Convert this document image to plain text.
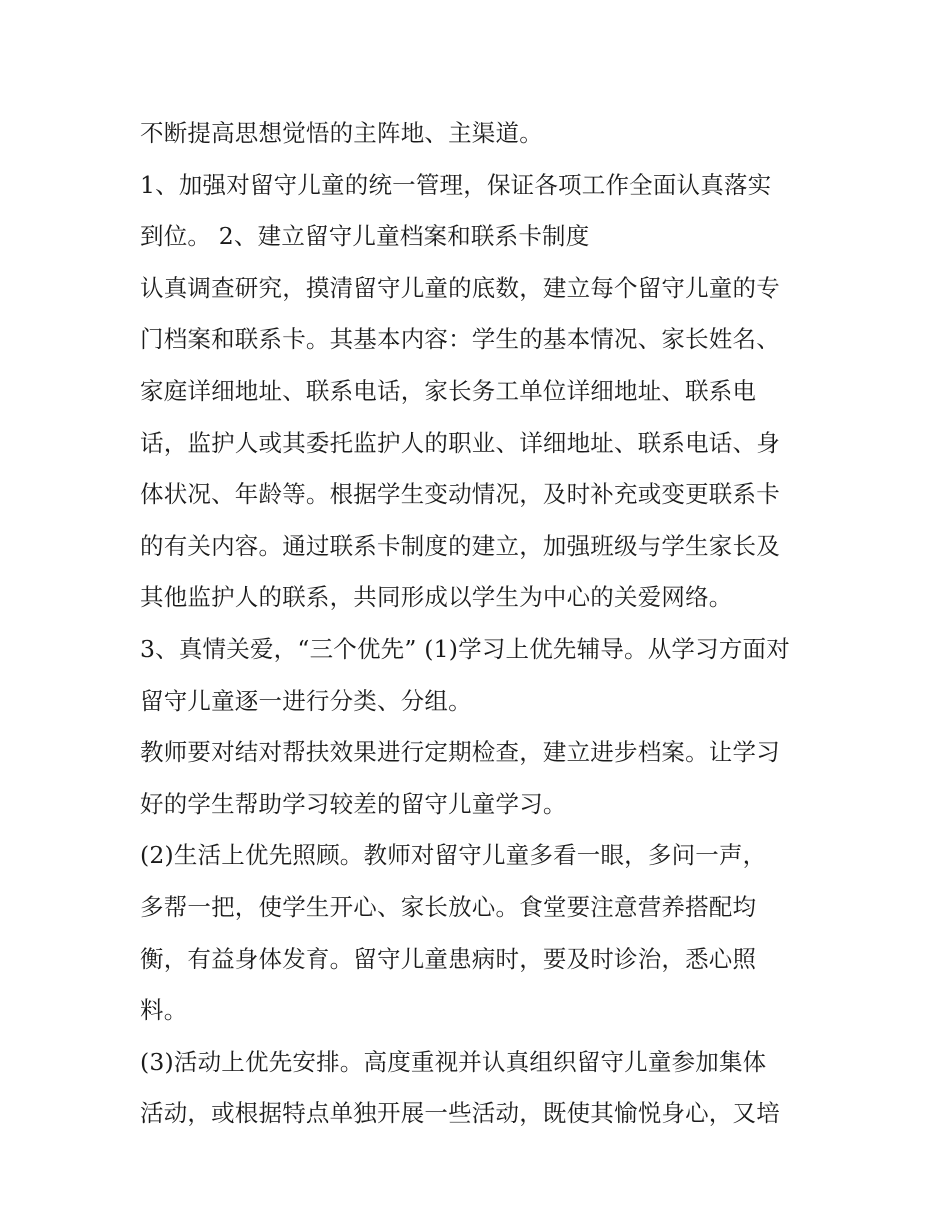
不断提高思想觉悟的主阵地、主渠道。
1、加强对留守儿童的统一管理，保证各项工作全面认真落实
到位。 2、建立留守儿童档案和联系卡制度
认真调查研究，摸清留守儿童的底数，建立每个留守儿童的专
门档案和联系卡。其基本内容：学生的基本情况、家长姓名、
家庭详细地址、联系电话，家长务工单位详细地址、联系电
话，监护人或其委托监护人的职业、详细地址、联系电话、身
体状况、年龄等。根据学生变动情况，及时补充或变更联系卡
的有关内容。通过联系卡制度的建立，加强班级与学生家长及
其他监护人的联系，共同形成以学生为中心的关爱网络。
3、真情关爱，“三个优先” (1)学习上优先辅导。从学习方面对
留守儿童逐一进行分类、分组。
教师要对结对帮扶效果进行定期检查，建立进步档案。让学习
好的学生帮助学习较差的留守儿童学习。
(2)生活上优先照顾。教师对留守儿童多看一眼，多问一声，
多帮一把，使学生开心、家长放心。食堂要注意营养搭配均
衡，有益身体发育。留守儿童患病时，要及时诊治，悉心照
料。
(3)活动上优先安排。高度重视并认真组织留守儿童参加集体
活动，或根据特点单独开展一些活动，既使其愉悦身心，又培
